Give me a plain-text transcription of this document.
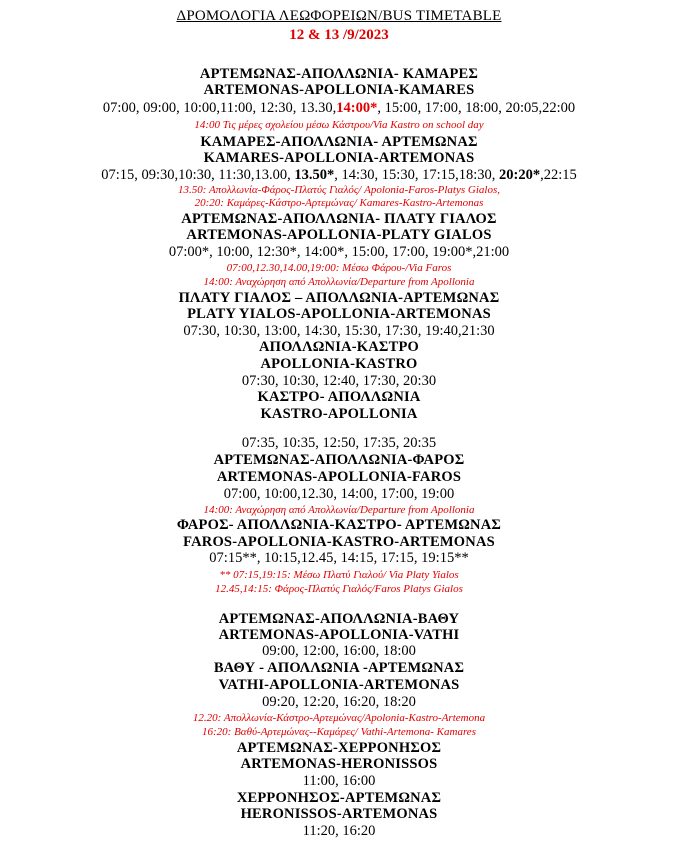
ΔΡΟΜΟΛΟΓΙΑ ΛΕΩΦΟΡΕΙΩΝ/BUS TIMETABLE
12 & 13 /9/2023
ΑΡΤΕΜΩΝΑΣ-ΑΠΟΛΛΩΝΙΑ- ΚΑΜΑΡΕΣ
ARTEMONAS-APOLLONIA-KAMARES
07:00, 09:00, 10:00,11:00, 12:30, 13.30,14:00*, 15:00, 17:00, 18:00, 20:05,22:00
14:00 Τις μέρες σχολείου μέσω Κάστρου/Via Kastro on school day
ΚΑΜΑΡΕΣ-ΑΠΟΛΛΩΝΙΑ- ΑΡΤΕΜΩΝΑΣ
KAMARES-APOLLONIA-ARTEMONAS
07:15, 09:30,10:30, 11:30,13.00, 13.50*, 14:30, 15:30, 17:15,18:30, 20:20*,22:15
13.50: Απολλωνία-Φάρος-Πλατύς Γιαλός/ Apolonia-Faros-Platys Gialos,
20:20: Καμάρες-Κάστρο-Αρτεμώνας/ Kamares-Kastro-Artemonas
ΑΡΤΕΜΩΝΑΣ-ΑΠΟΛΛΩΝΙΑ- ΠΛΑΤΥ ΓΙΑΛΟΣ
ARTEMONAS-APOLLONIA-PLATY GIALOS
07:00*, 10:00, 12:30*, 14:00*, 15:00, 17:00, 19:00*,21:00
07:00,12.30,14.00,19:00: Μέσω Φάρου-/Via Faros
14:00: Αναχώρηση από Απολλωνία/Departure from Apollonia
ΠΛΑΤΥ ΓΙΑΛΟΣ – ΑΠΟΛΛΩΝΙΑ-ΑΡΤΕΜΩΝΑΣ
PLATY YIALOS-APOLLONIA-ARTEMONAS
07:30, 10:30, 13:00, 14:30, 15:30, 17:30, 19:40,21:30
ΑΠΟΛΛΩΝΙΑ-ΚΑΣΤΡΟ
APOLLONIA-KASTRO
07:30, 10:30, 12:40, 17:30, 20:30
ΚΑΣΤΡΟ- ΑΠΟΛΛΩΝΙΑ
KASTRO-APOLLONIA
07:35, 10:35, 12:50, 17:35, 20:35
ΑΡΤΕΜΩΝΑΣ-ΑΠΟΛΛΩΝΙΑ-ΦΑΡΟΣ
ARTEMONAS-APOLLONIA-FAROS
07:00, 10:00,12.30, 14:00, 17:00, 19:00
14:00: Αναχώρηση από Απολλωνία/Departure from Apollonia
ΦΑΡΟΣ- ΑΠΟΛΛΩΝΙΑ-ΚΑΣΤΡΟ- ΑΡΤΕΜΩΝΑΣ
FAROS-APOLLONIA-KASTRO-ARTEMONAS
07:15**, 10:15,12.45, 14:15, 17:15, 19:15**
** 07:15,19:15: Μέσω Πλατύ Γιαλού/ Via Platy Yialos
12.45,14:15: Φάρος-Πλατύς Γιαλός/Faros Platys Gialos
ΑΡΤΕΜΩΝΑΣ-ΑΠΟΛΛΩΝΙΑ-ΒΑΘΥ
ARTEMONAS-APOLLONIA-VATHI
09:00, 12:00, 16:00, 18:00
ΒΑΘΥ - ΑΠΟΛΛΩΝΙΑ -ΑΡΤΕΜΩΝΑΣ
VATHI-APOLLONIA-ARTEMONAS
09:20, 12:20, 16:20, 18:20
12.20: Απολλωνία-Κάστρο-Αρτεμώνας/Apolonia-Kastro-Artemona
16:20: Βαθύ-Αρτεμώνας--Καμάρες/ Vathi-Artemona- Kamares
ΑΡΤΕΜΩΝΑΣ-ΧΕΡΡΟΝΗΣΟΣ
ARTEMONAS-HERONISSOS
11:00, 16:00
ΧΕΡΡΟΝΗΣΟΣ-ΑΡΤΕΜΩΝΑΣ
HERONISSOS-ARTEMONAS
11:20, 16:20
